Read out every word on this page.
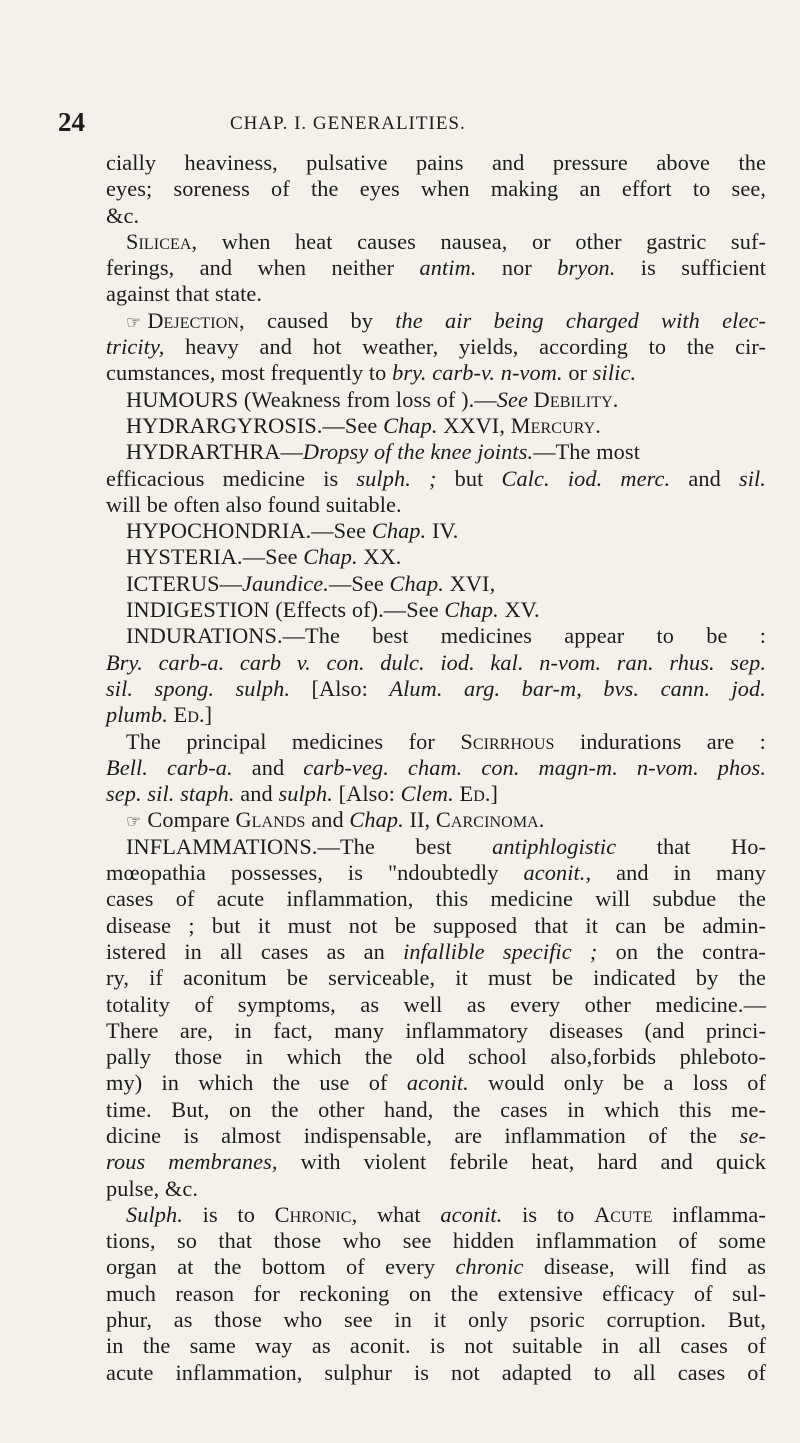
24	CHAP. I. GENERALITIES.
cially heaviness, pulsative pains and pressure above the
eyes; soreness of the eyes when making an effort to see,
&c.
Silicea, when heat causes nausea, or other gastric suf-
ferings, and when neither antim. nor bryon. is sufficient
against that state.
☞ Dejection, caused by the air being charged with elec-
tricity, heavy and hot weather, yields, according to the cir-
cumstances, most frequently to bry. carb-v. n-vom. or silic.
HUMOURS (Weakness from loss of ).—See Debility.
HYDRARGYROSIS.—See Chap. XXVI, Mercury.
HYDRARTHRA—Dropsy of the knee joints.—The most
efficacious medicine is sulph. ; but Calc. iod. merc. and sil.
will be often also found suitable.
HYPOCHONDRIA.—See Chap. IV.
HYSTERIA.—See Chap. XX.
ICTERUS—Jaundice.—See Chap. XVI,
INDIGESTION (Effects of).—See Chap. XV.
INDURATIONS.—The best medicines appear to be :
Bry. carb-a. carb v. con. dulc. iod. kal. n-vom. ran. rhus. sep.
sil. spong. sulph. [Also: Alum. arg. bar-m, bvs. cann. jod.
plumb. Ed.]
The principal medicines for Scirrhous indurations are :
Bell. carb-a. and carb-veg. cham. con. magn-m. n-vom. phos.
sep. sil. staph. and sulph. [Also: Clem. Ed.]
☞ Compare Glands and Chap. II, Carcinoma.
INFLAMMATIONS.—The best antiphlogistic that Ho-
mœopathia possesses, is "ndoubtedly aconit., and in many
cases of acute inflammation, this medicine will subdue the
disease ; but it must not be supposed that it can be admin-
istered in all cases as an infallible specific ; on the contra-
ry, if aconitum be serviceable, it must be indicated by the
totality of symptoms, as well as every other medicine.—
There are, in fact, many inflammatory diseases (and princi-
pally those in which the old school also,forbids phleboto-
my) in which the use of aconit. would only be a loss of
time. But, on the other hand, the cases in which this me-
dicine is almost indispensable, are inflammation of the se-
rous membranes, with violent febrile heat, hard and quick
pulse, &c.
Sulph. is to Chronic, what aconit. is to Acute inflamma-
tions, so that those who see hidden inflammation of some
organ at the bottom of every chronic disease, will find as
much reason for reckoning on the extensive efficacy of sul-
phur, as those who see in it only psoric corruption. But,
in the same way as aconit. is not suitable in all cases of
acute inflammation, sulphur is not adapted to all cases of
